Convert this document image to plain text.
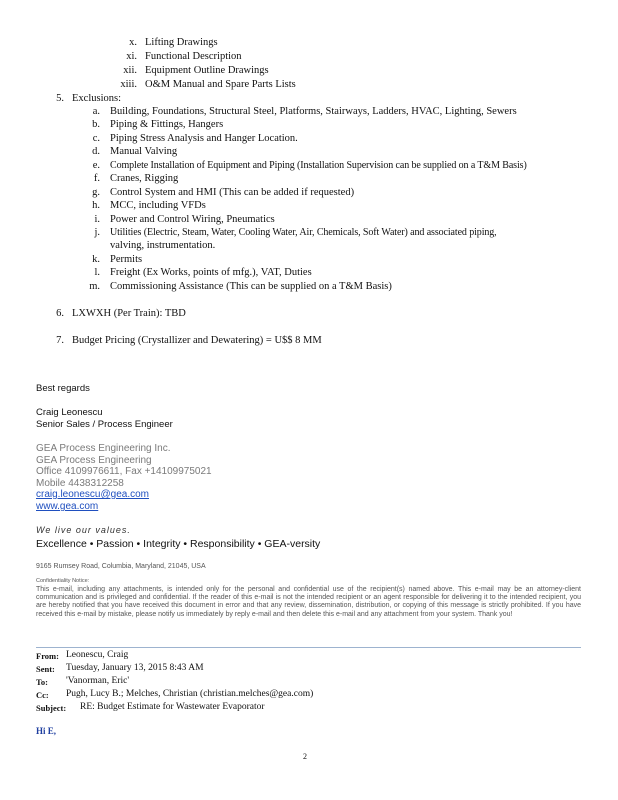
x. Lifting Drawings
xi. Functional Description
xii. Equipment Outline Drawings
xiii. O&M Manual and Spare Parts Lists
5. Exclusions:
a. Building, Foundations, Structural Steel, Platforms, Stairways, Ladders, HVAC, Lighting, Sewers
b. Piping & Fittings, Hangers
c. Piping Stress Analysis and Hanger Location.
d. Manual Valving
e. Complete Installation of Equipment and Piping (Installation Supervision can be supplied on a T&M Basis)
f. Cranes, Rigging
g. Control System and HMI (This can be added if requested)
h. MCC, including VFDs
i. Power and Control Wiring, Pneumatics
j. Utilities (Electric, Steam, Water, Cooling Water, Air, Chemicals, Soft Water) and associated piping,
valving, instrumentation.
k. Permits
l. Freight (Ex Works, points of mfg.), VAT, Duties
m. Commissioning Assistance (This can be supplied on a T&M Basis)
6. LXWXH (Per Train): TBD
7. Budget Pricing (Crystallizer and Dewatering) = U$$ 8 MM
Best regards
Craig Leonescu
Senior Sales / Process Engineer
GEA Process Engineering Inc.
GEA Process Engineering
Office 4109976611, Fax +14109975021
Mobile 4438312258
craig.leonescu@gea.com
www.gea.com
We live our values.
Excellence • Passion • Integrity • Responsibility • GEA-versity
9165 Rumsey Road, Columbia, Maryland, 21045, USA
Confidentiality Notice:
This e-mail, including any attachments, is intended only for the personal and confidential use of the recipient(s) named above. This e-mail may be an attorney-client communication and is privileged and confidential. If the reader of this e-mail is not the intended recipient or an agent responsible for delivering it to the intended recipient, you are hereby notified that you have received this document in error and that any review, dissemination, distribution, or copying of this message is strictly prohibited. If you have received this e-mail by mistake, please notify us immediately by reply e-mail and then delete this e-mail and any attachment from your system. Thank you!
From: Leonescu, Craig
Sent: Tuesday, January 13, 2015 8:43 AM
To: 'Vanorman, Eric'
Cc: Pugh, Lucy B.; Melches, Christian (christian.melches@gea.com)
Subject: RE: Budget Estimate for Wastewater Evaporator
Hi E,
2
